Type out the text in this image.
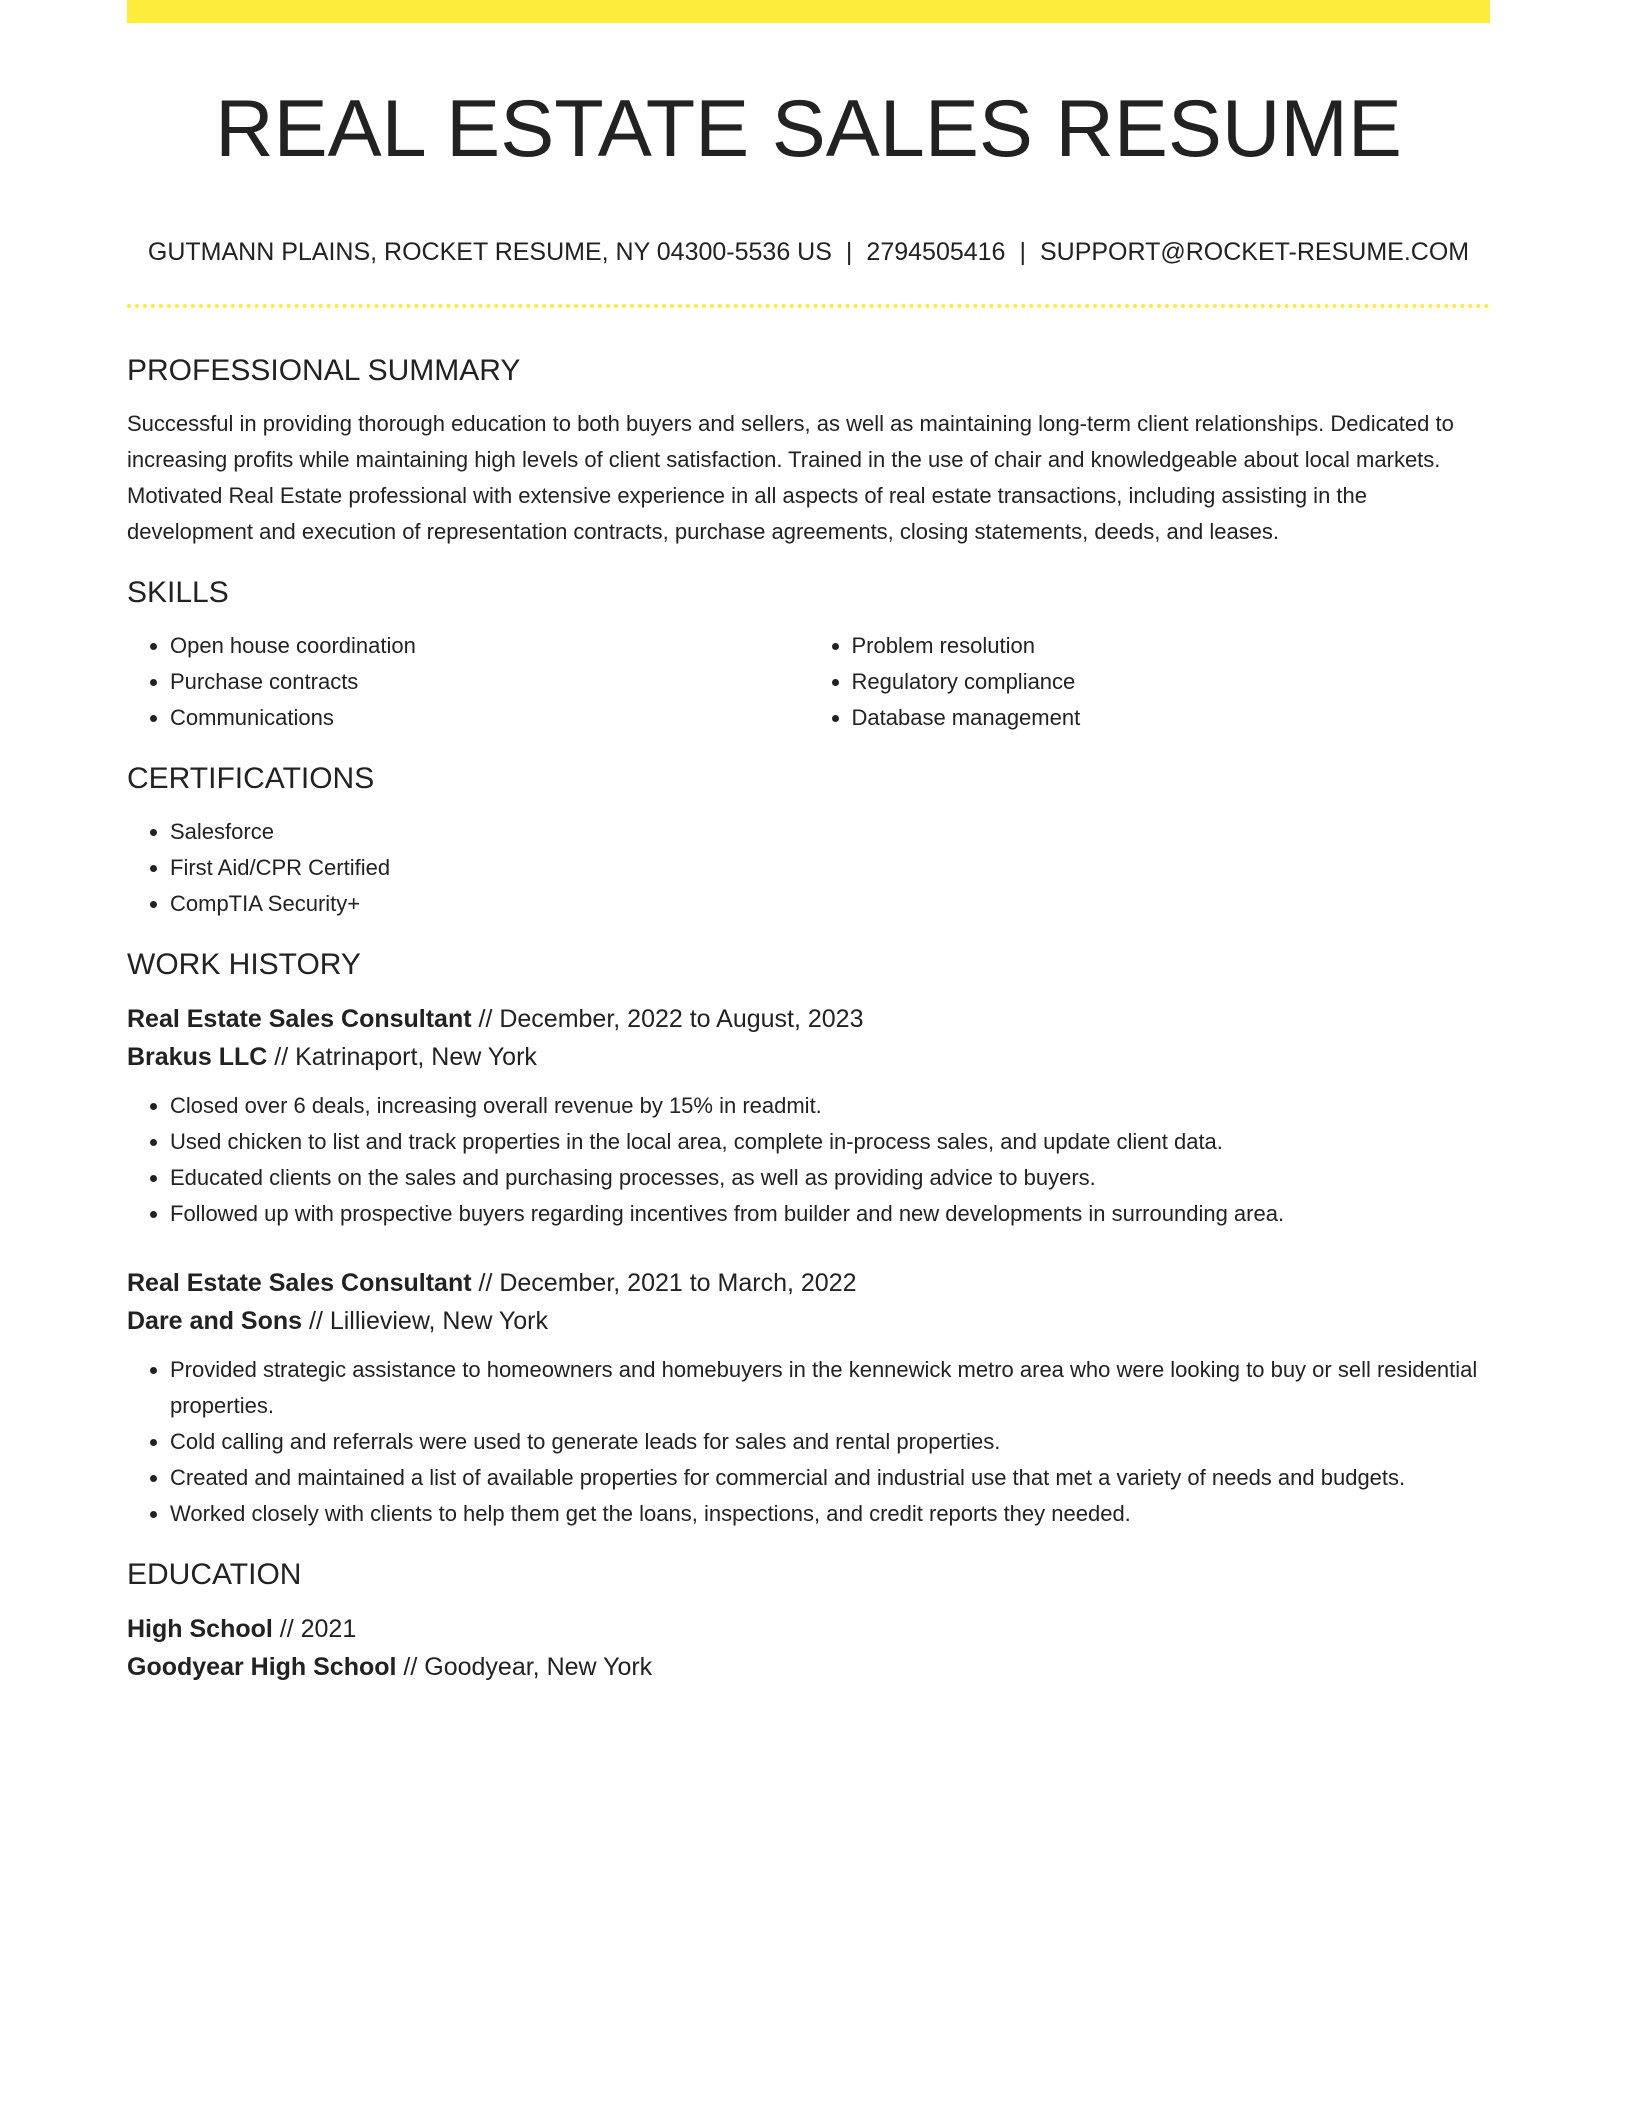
REAL ESTATE SALES RESUME
GUTMANN PLAINS, ROCKET RESUME, NY 04300-5536 US | 2794505416 | SUPPORT@ROCKET-RESUME.COM
PROFESSIONAL SUMMARY

Successful in providing thorough education to both buyers and sellers, as well as maintaining long-term client relationships. Dedicated to increasing profits while maintaining high levels of client satisfaction. Trained in the use of chair and knowledgeable about local markets. Motivated Real Estate professional with extensive experience in all aspects of real estate transactions, including assisting in the development and execution of representation contracts, purchase agreements, closing statements, deeds, and leases.

SKILLS
• Open house coordination
• Purchase contracts
• Communications
• Problem resolution
• Regulatory compliance
• Database management
CERTIFICATIONS
• Salesforce
• First Aid/CPR Certified
• CompTIA Security+
WORK HISTORY
Real Estate Sales Consultant // December, 2022 to August, 2023
Brakus LLC // Katrinaport, New York
• Closed over 6 deals, increasing overall revenue by 15% in readmit.
• Used chicken to list and track properties in the local area, complete in-process sales, and update client data.
• Educated clients on the sales and purchasing processes, as well as providing advice to buyers.
• Followed up with prospective buyers regarding incentives from builder and new developments in surrounding area.
Real Estate Sales Consultant // December, 2021 to March, 2022
Dare and Sons // Lillieview, New York
• Provided strategic assistance to homeowners and homebuyers in the kennewick metro area who were looking to buy or sell residential properties.
• Cold calling and referrals were used to generate leads for sales and rental properties.
• Created and maintained a list of available properties for commercial and industrial use that met a variety of needs and budgets.
• Worked closely with clients to help them get the loans, inspections, and credit reports they needed.
EDUCATION
High School // 2021
Goodyear High School // Goodyear, New York
